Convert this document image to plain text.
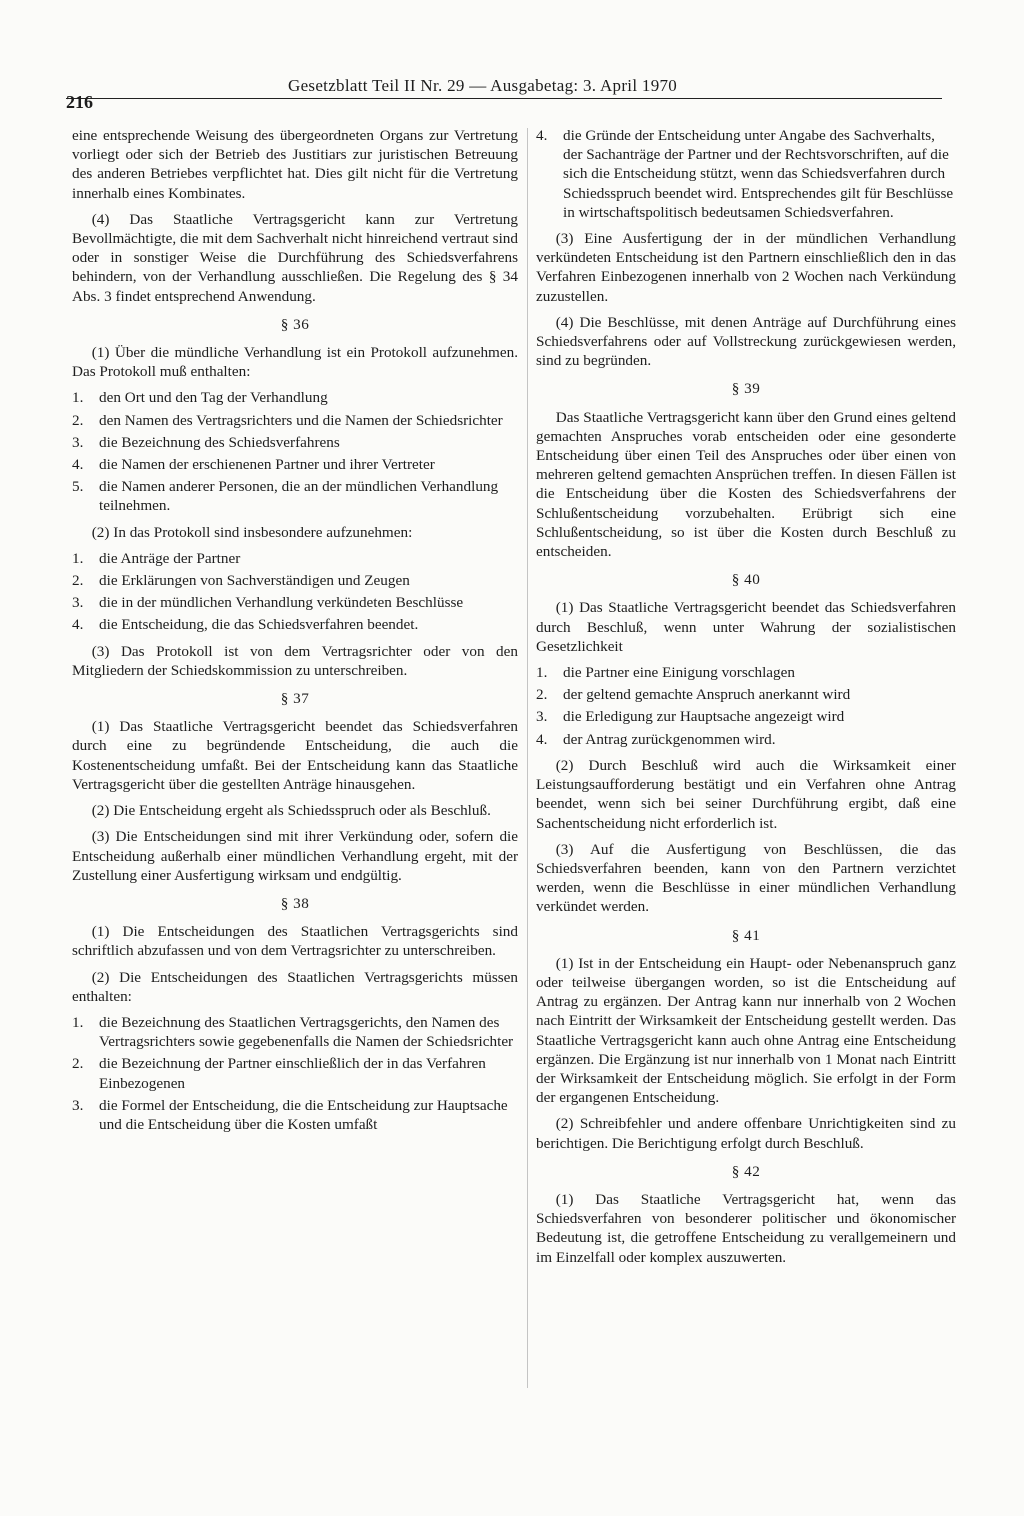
216
Gesetzblatt Teil II Nr. 29 — Ausgabetag: 3. April 1970

eine entsprechende Weisung des übergeordneten Organs zur Vertretung vorliegt oder sich der Betrieb des Justitiars zur juristischen Betreuung des anderen Betriebes verpflichtet hat. Dies gilt nicht für die Vertretung innerhalb eines Kombinates.

(4) Das Staatliche Vertragsgericht kann zur Vertretung Bevollmächtigte, die mit dem Sachverhalt nicht hinreichend vertraut sind oder in sonstiger Weise die Durchführung des Schiedsverfahrens behindern, von der Verhandlung ausschließen. Die Regelung des § 34 Abs. 3 findet entsprechend Anwendung.

§ 36

(1) Über die mündliche Verhandlung ist ein Protokoll aufzunehmen. Das Protokoll muß enthalten:

1. den Ort und den Tag der Verhandlung
2. den Namen des Vertragsrichters und die Namen der Schiedsrichter
3. die Bezeichnung des Schiedsverfahrens
4. die Namen der erschienenen Partner und ihrer Vertreter
5. die Namen anderer Personen, die an der mündlichen Verhandlung teilnehmen.

(2) In das Protokoll sind insbesondere aufzunehmen:

1. die Anträge der Partner
2. die Erklärungen von Sachverständigen und Zeugen
3. die in der mündlichen Verhandlung verkündeten Beschlüsse
4. die Entscheidung, die das Schiedsverfahren beendet.

(3) Das Protokoll ist von dem Vertragsrichter oder von den Mitgliedern der Schiedskommission zu unterschreiben.

§ 37

(1) Das Staatliche Vertragsgericht beendet das Schiedsverfahren durch eine zu begründende Entscheidung, die auch die Kostenentscheidung umfaßt. Bei der Entscheidung kann das Staatliche Vertragsgericht über die gestellten Anträge hinausgehen.

(2) Die Entscheidung ergeht als Schiedsspruch oder als Beschluß.

(3) Die Entscheidungen sind mit ihrer Verkündung oder, sofern die Entscheidung außerhalb einer mündlichen Verhandlung ergeht, mit der Zustellung einer Ausfertigung wirksam und endgültig.

§ 38

(1) Die Entscheidungen des Staatlichen Vertragsgerichts sind schriftlich abzufassen und von dem Vertragsrichter zu unterschreiben.

(2) Die Entscheidungen des Staatlichen Vertragsgerichts müssen enthalten:

1. die Bezeichnung des Staatlichen Vertragsgerichts, den Namen des Vertragsrichters sowie gegebenenfalls die Namen der Schiedsrichter
2. die Bezeichnung der Partner einschließlich der in das Verfahren Einbezogenen
3. die Formel der Entscheidung, die die Entscheidung zur Hauptsache und die Entscheidung über die Kosten umfaßt
4. die Gründe der Entscheidung unter Angabe des Sachverhalts, der Sachanträge der Partner und der Rechtsvorschriften, auf die sich die Entscheidung stützt, wenn das Schiedsverfahren durch Schiedsspruch beendet wird. Entsprechendes gilt für Beschlüsse in wirtschaftspolitisch bedeutsamen Schiedsverfahren.

(3) Eine Ausfertigung der in der mündlichen Verhandlung verkündeten Entscheidung ist den Partnern einschließlich den in das Verfahren Einbezogenen innerhalb von 2 Wochen nach Verkündung zuzustellen.

(4) Die Beschlüsse, mit denen Anträge auf Durchführung eines Schiedsverfahrens oder auf Vollstreckung zurückgewiesen werden, sind zu begründen.

§ 39

Das Staatliche Vertragsgericht kann über den Grund eines geltend gemachten Anspruches vorab entscheiden oder eine gesonderte Entscheidung über einen Teil des Anspruches oder über einen von mehreren geltend gemachten Ansprüchen treffen. In diesen Fällen ist die Entscheidung über die Kosten des Schiedsverfahrens der Schlußentscheidung vorzubehalten. Erübrigt sich eine Schlußentscheidung, so ist über die Kosten durch Beschluß zu entscheiden.

§ 40

(1) Das Staatliche Vertragsgericht beendet das Schiedsverfahren durch Beschluß, wenn unter Wahrung der sozialistischen Gesetzlichkeit

1. die Partner eine Einigung vorschlagen
2. der geltend gemachte Anspruch anerkannt wird
3. die Erledigung zur Hauptsache angezeigt wird
4. der Antrag zurückgenommen wird.

(2) Durch Beschluß wird auch die Wirksamkeit einer Leistungsaufforderung bestätigt und ein Verfahren ohne Antrag beendet, wenn sich bei seiner Durchführung ergibt, daß eine Sachentscheidung nicht erforderlich ist.

(3) Auf die Ausfertigung von Beschlüssen, die das Schiedsverfahren beenden, kann von den Partnern verzichtet werden, wenn die Beschlüsse in einer mündlichen Verhandlung verkündet werden.

§ 41

(1) Ist in der Entscheidung ein Haupt- oder Nebenanspruch ganz oder teilweise übergangen worden, so ist die Entscheidung auf Antrag zu ergänzen. Der Antrag kann nur innerhalb von 2 Wochen nach Eintritt der Wirksamkeit der Entscheidung gestellt werden. Das Staatliche Vertragsgericht kann auch ohne Antrag eine Entscheidung ergänzen. Die Ergänzung ist nur innerhalb von 1 Monat nach Eintritt der Wirksamkeit der Entscheidung möglich. Sie erfolgt in der Form der ergangenen Entscheidung.

(2) Schreibfehler und andere offenbare Unrichtigkeiten sind zu berichtigen. Die Berichtigung erfolgt durch Beschluß.

§ 42

(1) Das Staatliche Vertragsgericht hat, wenn das Schiedsverfahren von besonderer politischer und ökonomischer Bedeutung ist, die getroffene Entscheidung zu verallgemeinern und im Einzelfall oder komplex auszuwerten.
